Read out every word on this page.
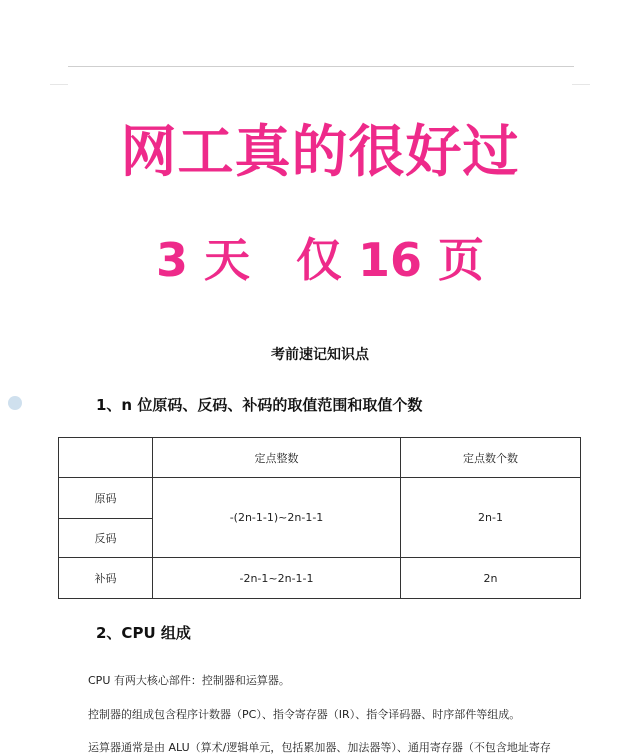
网工真的很好过
3 天 仅 16 页
考前速记知识点
1、n 位原码、反码、补码的取值范围和取值个数
	定点整数	定点数个数
原码	-(2n-1-1)~2n-1-1	2n-1
反码		
补码	-2n-1~2n-1-1	2n
2、CPU 组成
CPU 有两大核心部件：控制器和运算器。
控制器的组成包含程序计数器（PC）、指令寄存器（IR）、指令译码器、时序部件等组成。
运算器通常是由 ALU（算术/逻辑单元，包括累加器、加法器等）、通用寄存器（不包含地址寄存
